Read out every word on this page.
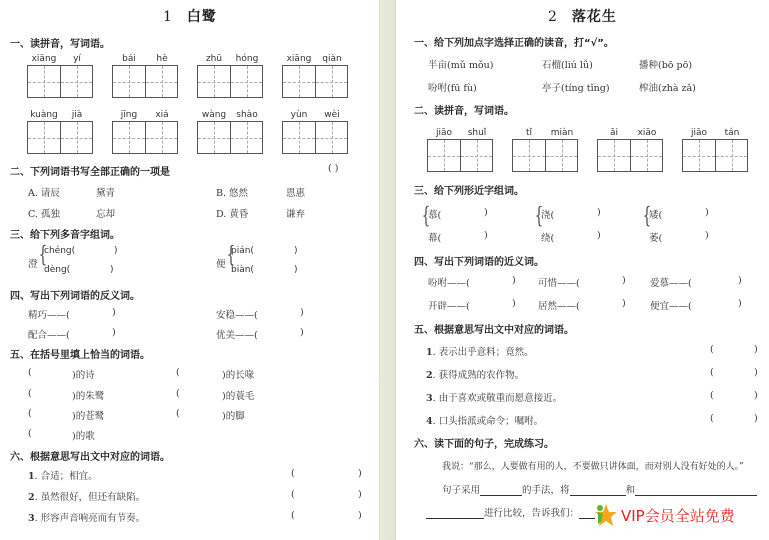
1 白鹭
一、读拼音，写词语。
xiāng	yí	bái	hè	zhū	hóng	xiāng	qiàn
kuàng	jià	jīng	xiá	wàng	shào	yùn	wèi
二、下列词语书写全部正确的一项是	( )
A. 请辰	黛青	B. 悠然	恩惠
C. 孤独	忘却	D. 黄昏	谦弃
三、给下列多音字组词。
澄 {
chéng(	)
dèng(	)	便 {
pián(	)
biàn(	)
四、写出下列词语的反义词。
精巧——(	)	安稳——(	)
配合——(	)	优美——(	)
五、在括号里填上恰当的词语。
(	)的诗	(	)的长喙
(	)的朱鹭	(	)的蓑毛
(	)的苍鹭	(	)的脚
(	)的歌
六、根据意思写出文中对应的词语。
1. 合适；相宜。	(	)
2. 虽然很好，但还有缺陷。	(	)
3. 形容声音响亮而有节奏。	(	)
2 落花生
一、给下列加点字选择正确的读音，打“√”。
半亩(mǔ mǒu)	石榴(liú lǚ)	播种(bō pō)
吩咐(fū fù)	亭子(tíng tǐng)	榨油(zhà zǎ)
二、读拼音，写词语。
jiāo	shuǐ	tǐ	miàn	āi	xiāo	jiāo	tán
三、给下列形近字组词。
{
慕(	)
幕(	)
{
浇(	)
绕(	)
{
矮(	)
萎(	)
四、写出下列词语的近义词。
吩咐——(	) 可惜——(	)	爱慕——(	)
开辟——(	) 居然——(	)	便宜——(	)
五、根据意思写出文中对应的词语。
1. 表示出乎意料；竟然。	(	)
2. 获得成熟的农作物。	(	)
3. 由于喜欢或敬重而愿意接近。	(	)
4. 口头指派或命令；嘱咐。	(	)
六、读下面的句子，完成练习。
我说：“那么，人要做有用的人，不要做只讲体面，而对别人没有好处的人。”
句子采用	的手法，将	和
进行比较，告诉我们：	VIP会员全站免费
